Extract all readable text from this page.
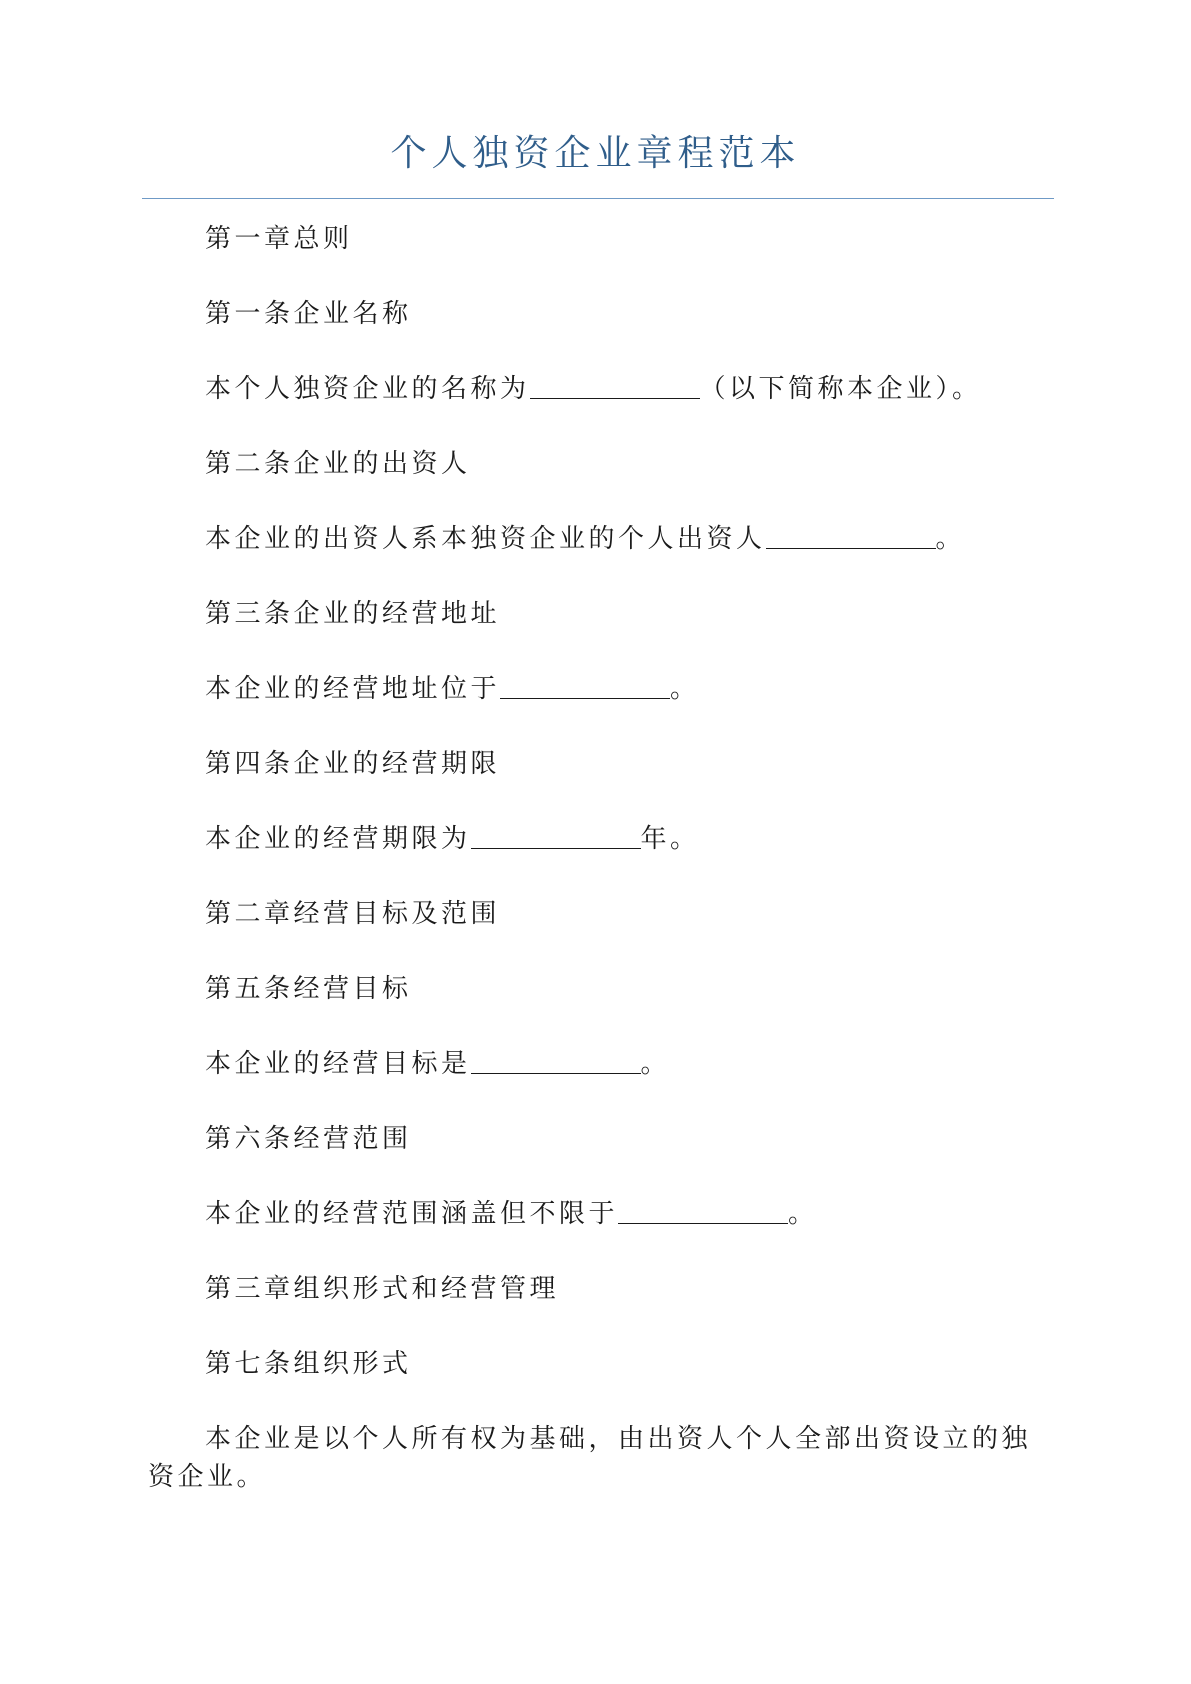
个人独资企业章程范本

第一章总则

第一条企业名称

本个人独资企业的名称为	（以下简称本企业）。

第二条企业的出资人

本企业的出资人系本独资企业的个人出资人	。

第三条企业的经营地址

本企业的经营地址位于	。

第四条企业的经营期限

本企业的经营期限为	年。

第二章经营目标及范围

第五条经营目标

本企业的经营目标是	。

第六条经营范围

本企业的经营范围涵盖但不限于	。

第三章组织形式和经营管理

第七条组织形式

本企业是以个人所有权为基础，由出资人个人全部出资设立的独资企业。
